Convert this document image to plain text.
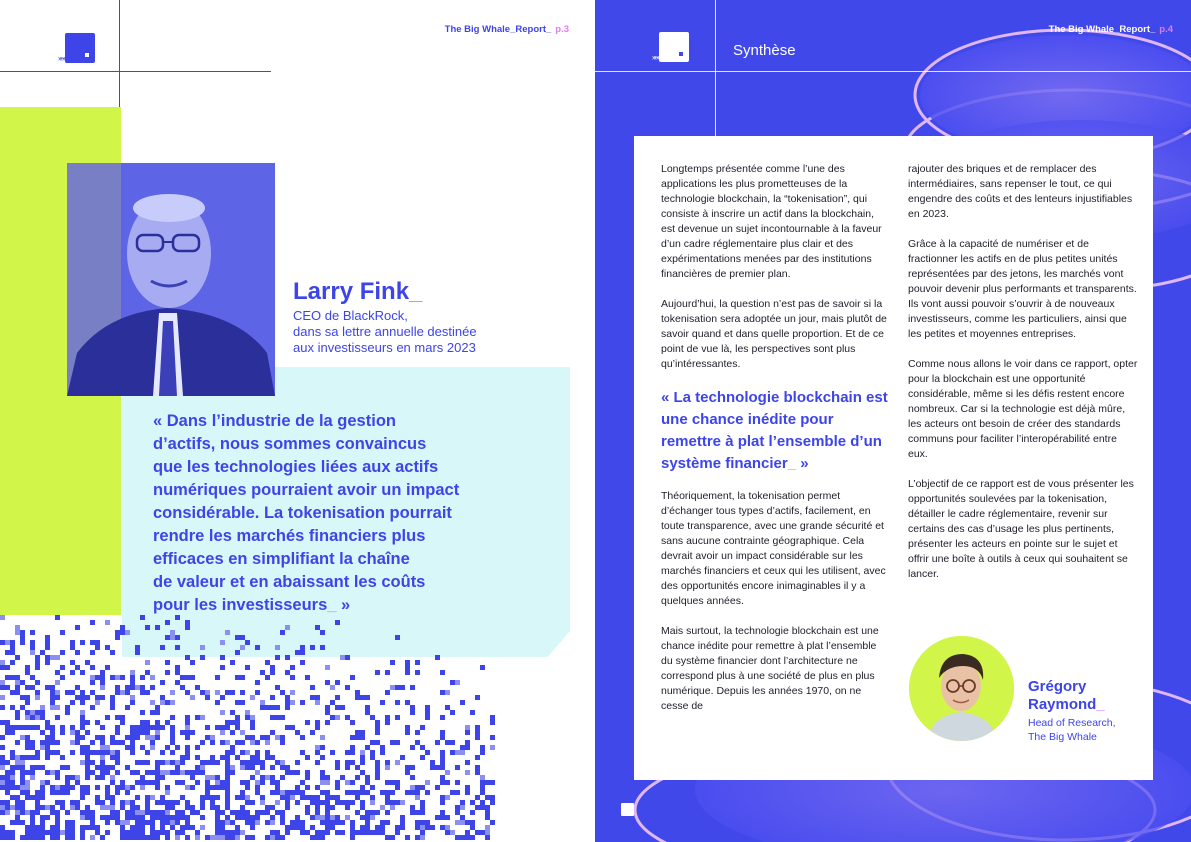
The Big Whale_Report_ p.3
⤘
Larry Fink_
CEO de BlackRock,
dans sa lettre annuelle destinée
aux investisseurs en mars 2023
« Dans l’industrie de la gestion
d’actifs, nous sommes convaincus
que les technologies liées aux actifs
numériques pourraient avoir un impact
considérable. La tokenisation pourrait
rendre les marchés financiers plus
efficaces en simplifiant la chaîne
de valeur et en abaissant les coûts
pour les investisseurs_ »
The Big Whale_Report_ p.4
⤘	Synthèse

Longtemps présentée comme l’une des applications les plus prometteuses de la technologie blockchain, la “tokenisation”, qui consiste à inscrire un actif dans la blockchain, est devenue un sujet incontournable à la faveur d’un cadre réglementaire plus clair et des expérimentations menées par des institutions financières de premier plan.

Aujourd’hui, la question n’est pas de savoir si la tokenisation sera adoptée un jour, mais plutôt de savoir quand et dans quelle proportion. Et de ce point de vue là, les perspectives sont plus qu’intéressantes.

« La technologie blockchain est une chance inédite pour remettre à plat l’ensemble d’un système financier_ »

Théoriquement, la tokenisation permet d’échanger tous types d’actifs, facilement, en toute transparence, avec une grande sécurité et sans aucune contrainte géographique. Cela devrait avoir un impact considérable sur les marchés financiers et ceux qui les utilisent, avec des opportunités encore inimaginables il y a quelques années.

Mais surtout, la technologie blockchain est une chance inédite pour remettre à plat l’ensemble du système financier dont l’architecture ne correspond plus à une société de plus en plus numérique. Depuis les années 1970, on ne cesse de

rajouter des briques et de remplacer des intermédiaires, sans repenser le tout, ce qui engendre des coûts et des lenteurs injustifiables en 2023.

Grâce à la capacité de numériser et de fractionner les actifs en de plus petites unités représentées par des jetons, les marchés vont pouvoir devenir plus performants et transparents. Ils vont aussi pouvoir s’ouvrir à de nouveaux investisseurs, comme les particuliers, ainsi que les petites et moyennes entreprises.

Comme nous allons le voir dans ce rapport, opter pour la blockchain est une opportunité considérable, même si les défis restent encore nombreux. Car si la technologie est déjà mûre, les acteurs ont besoin de créer des standards communs pour faciliter l’interopérabilité entre eux.

L’objectif de ce rapport est de vous présenter les opportunités soulevées par la tokenisation, détailler le cadre réglementaire, revenir sur certains des cas d’usage les plus pertinents, présenter les acteurs en pointe sur le sujet et offrir une boîte à outils à ceux qui souhaitent se lancer.

Grégory
Raymond_
Head of Research,
The Big Whale
